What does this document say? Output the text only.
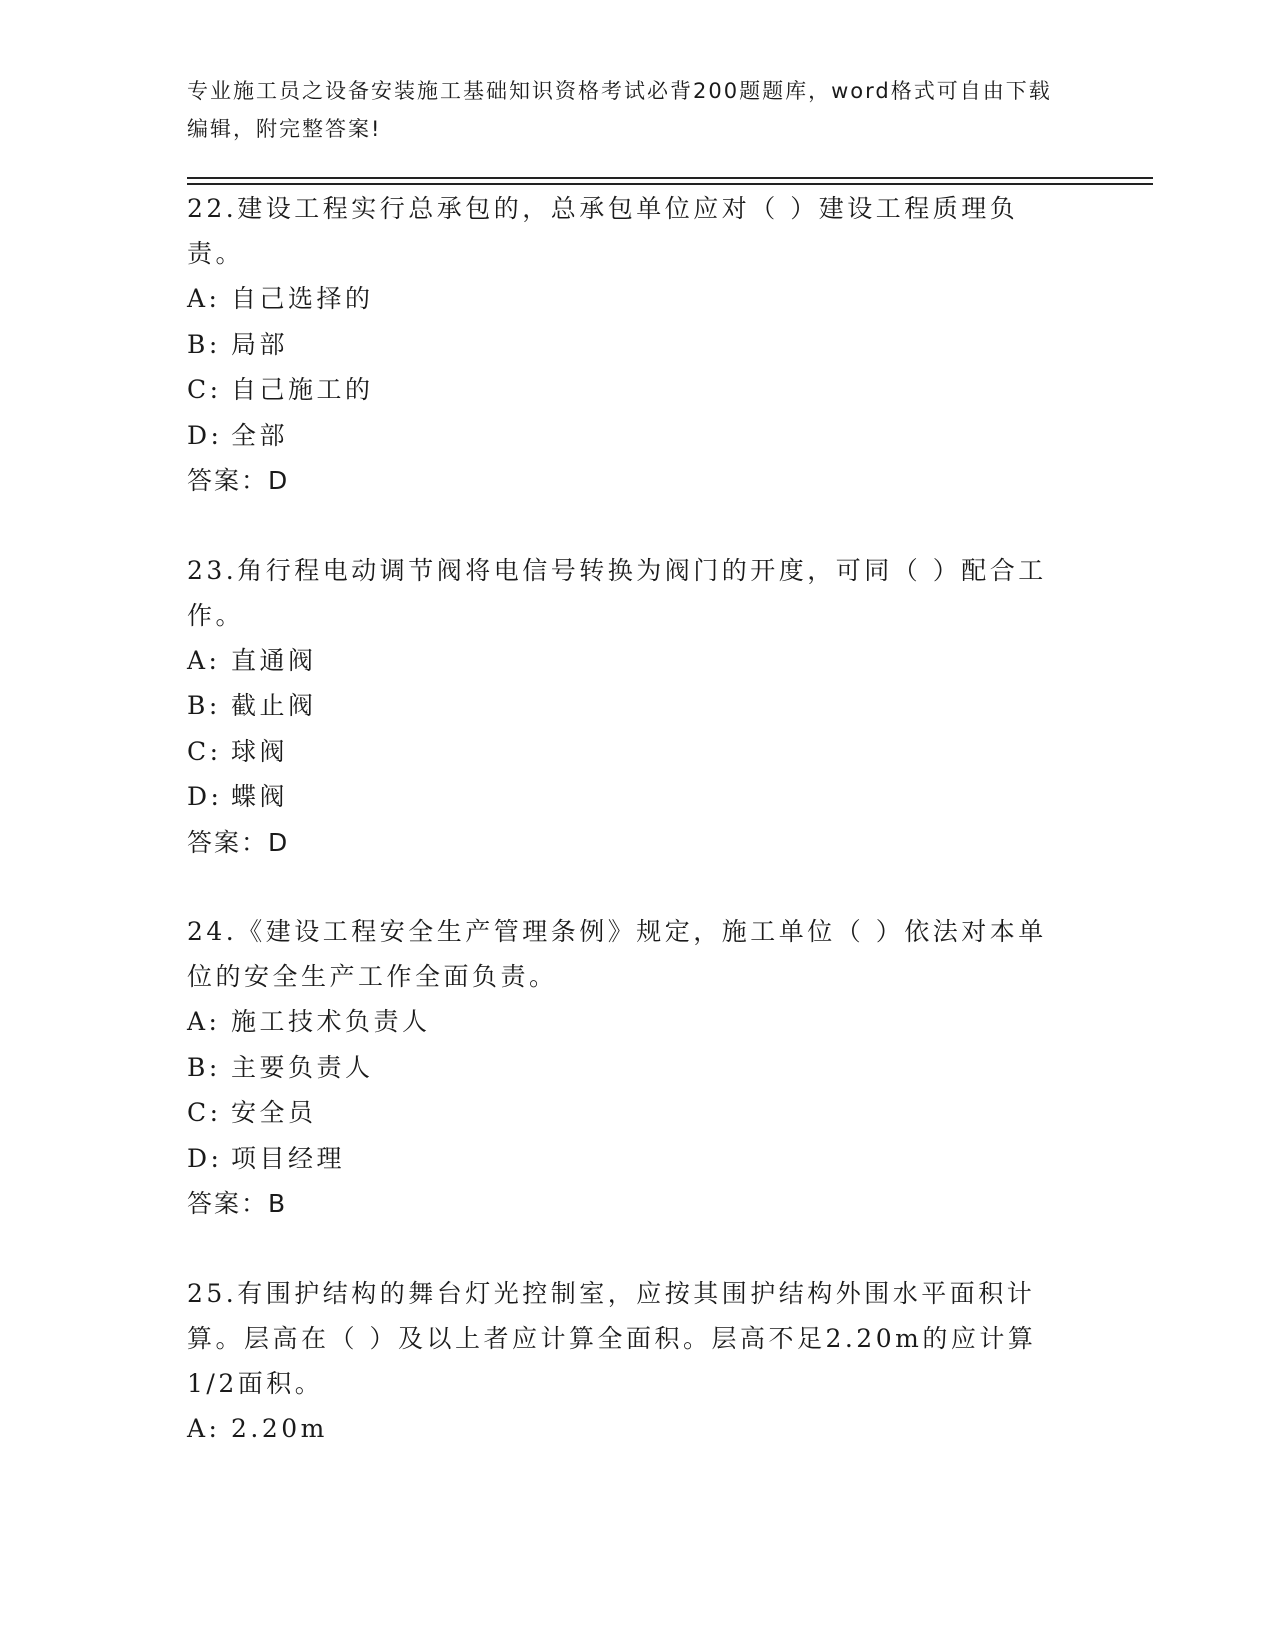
专业施工员之设备安装施工基础知识资格考试必背200题题库，word格式可自由下载编辑，附完整答案!

22.建设工程实行总承包的，总承包单位应对（ ）建设工程质理负责。

A: 自己选择的
B: 局部
C: 自己施工的
D: 全部

答案：D

23.角行程电动调节阀将电信号转换为阀门的开度，可同（ ）配合工作。

A: 直通阀
B: 截止阀
C: 球阀
D: 蝶阀

答案：D

24.《建设工程安全生产管理条例》规定，施工单位（ ）依法对本单位的安全生产工作全面负责。

A: 施工技术负责人
B: 主要负责人
C: 安全员
D: 项目经理

答案：B

25.有围护结构的舞台灯光控制室，应按其围护结构外围水平面积计算。层高在（ ）及以上者应计算全面积。层高不足2.20m的应计算1/2面积。

A: 2.20m
